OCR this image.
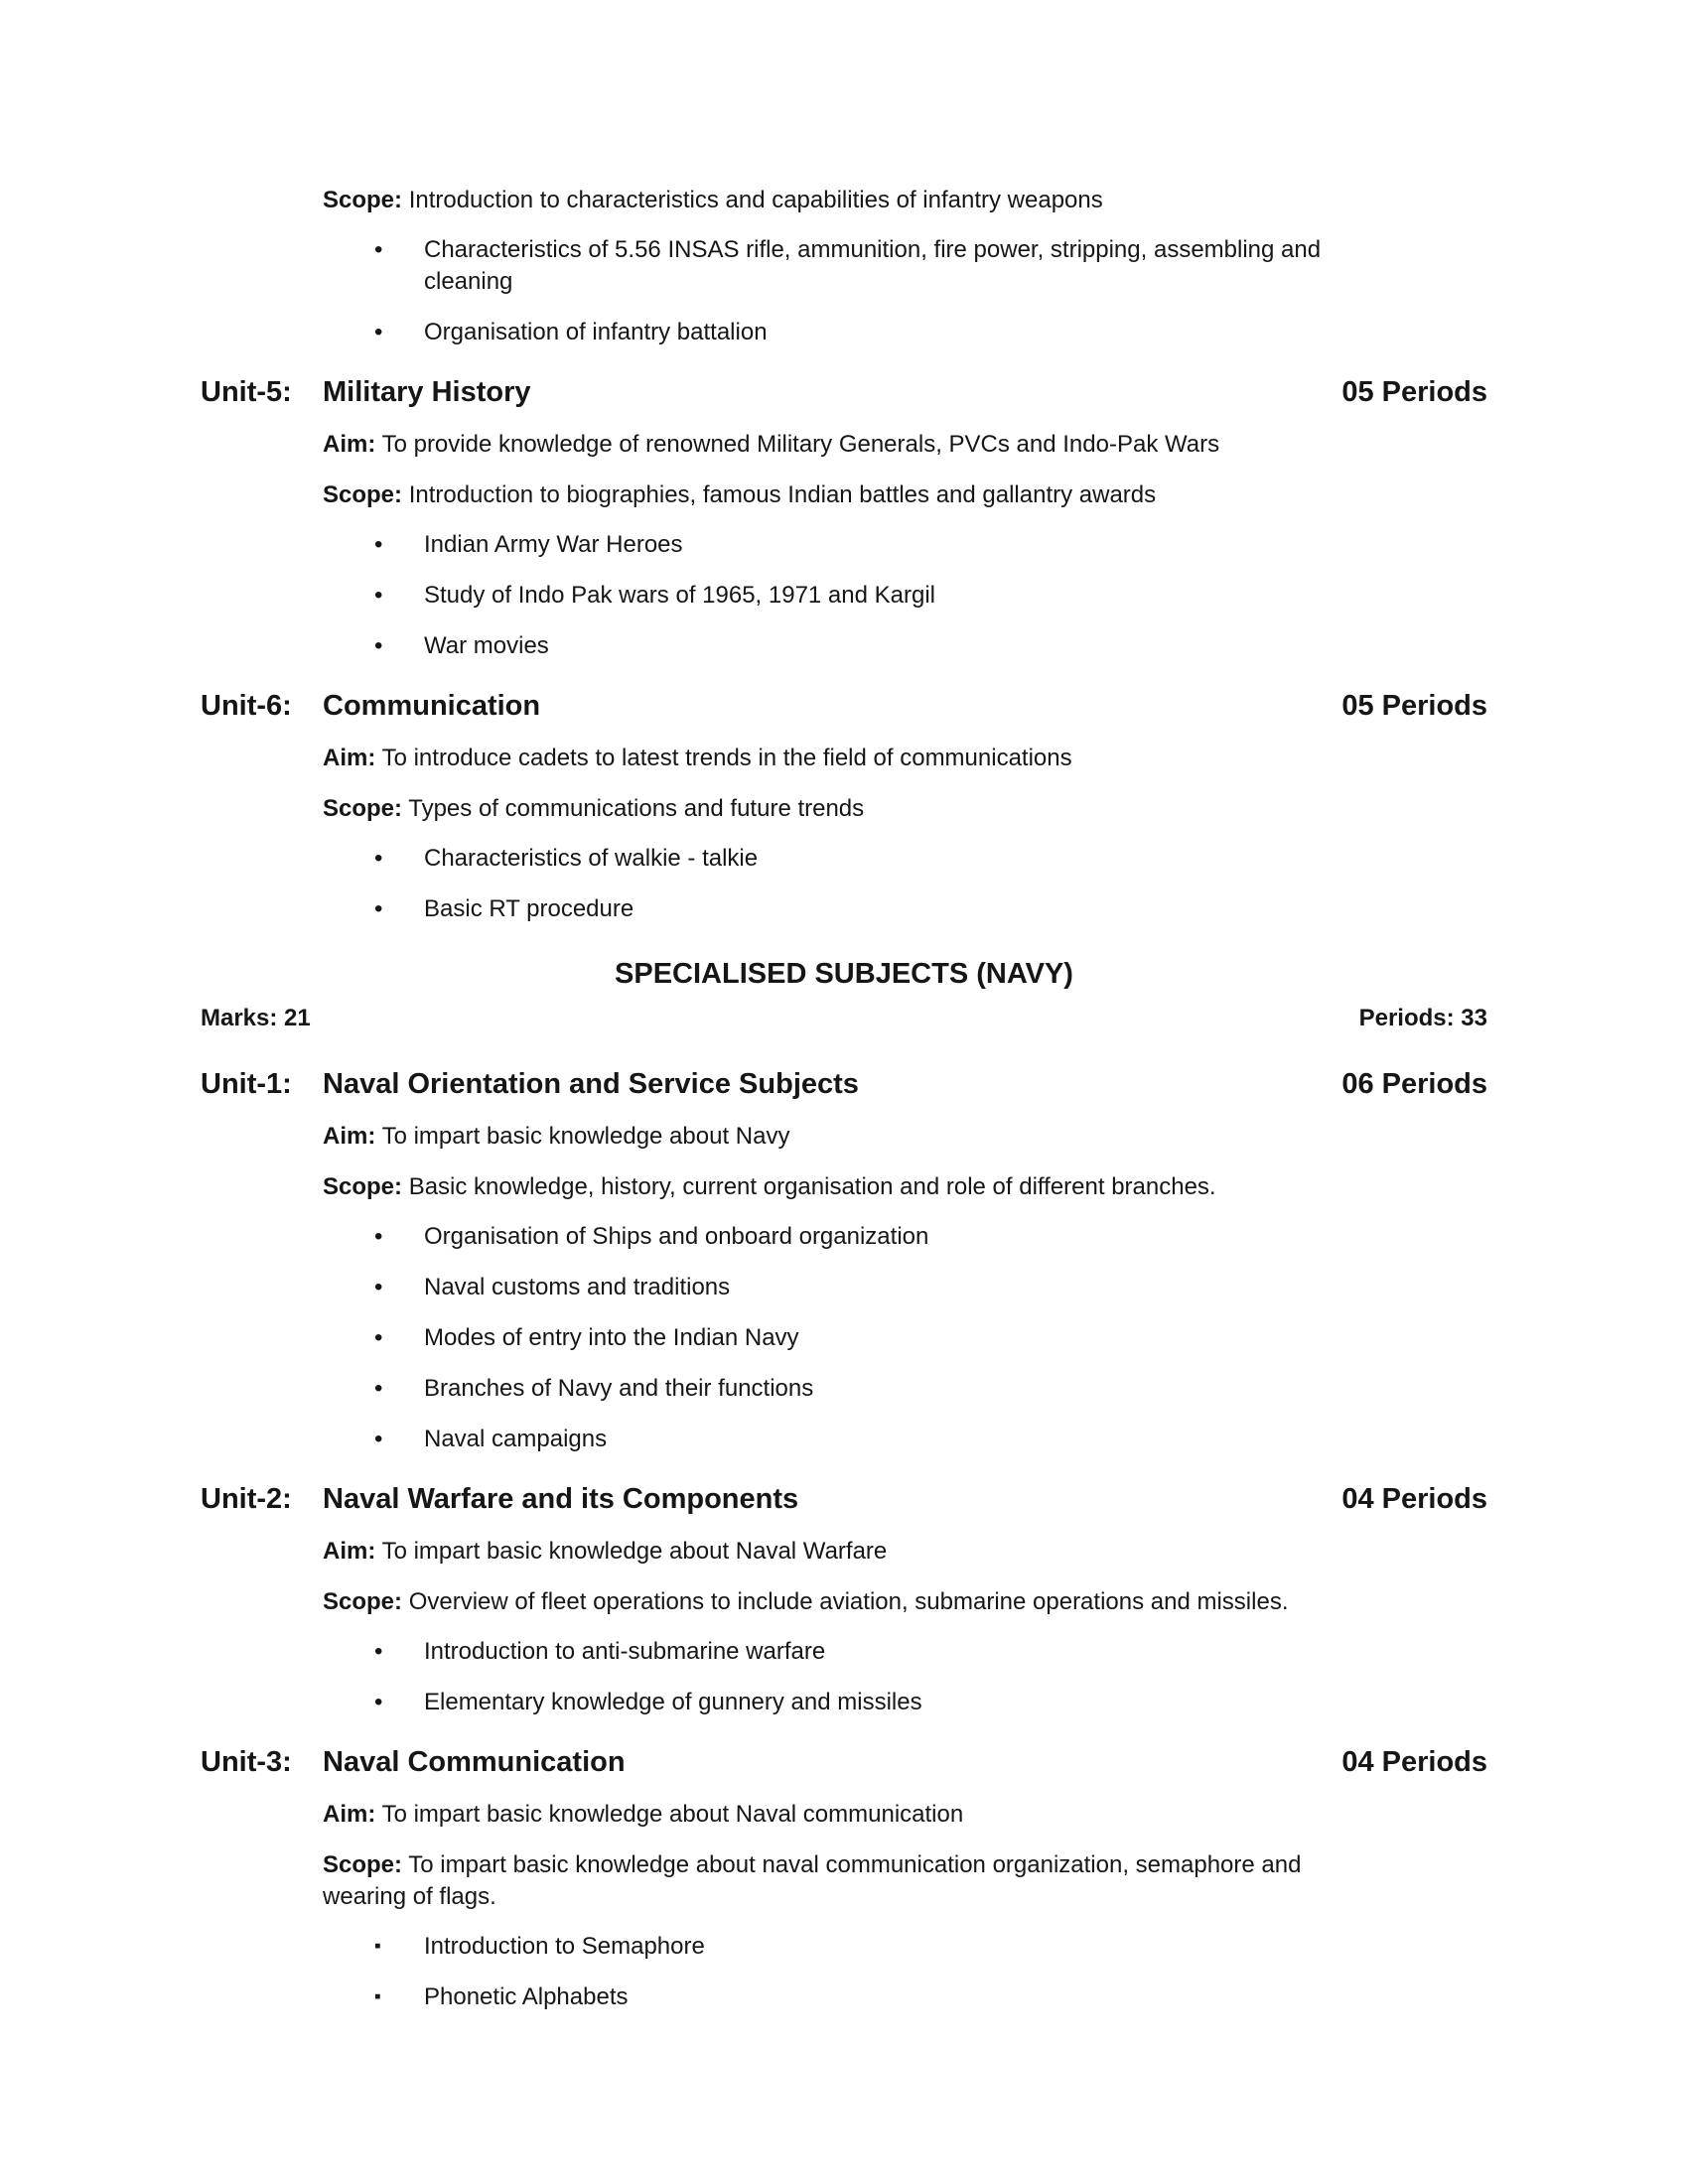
Scope: Introduction to characteristics and capabilities of infantry weapons

• Characteristics of 5.56 INSAS rifle, ammunition, fire power, stripping, assembling and
cleaning
• Organisation of infantry battalion
Unit-5:	Military History	05 Periods

Aim: To provide knowledge of renowned Military Generals, PVCs and Indo-Pak Wars

Scope: Introduction to biographies, famous Indian battles and gallantry awards

• Indian Army War Heroes
• Study of Indo Pak wars of 1965, 1971 and Kargil
• War movies
Unit-6:	Communication	05 Periods

Aim: To introduce cadets to latest trends in the field of communications

Scope: Types of communications and future trends

• Characteristics of walkie - talkie
• Basic RT procedure
SPECIALISED SUBJECTS (NAVY)
Marks: 21	Periods: 33
Unit-1:	Naval Orientation and Service Subjects	06 Periods

Aim: To impart basic knowledge about Navy

Scope: Basic knowledge, history, current organisation and role of different branches.

• Organisation of Ships and onboard organization
• Naval customs and traditions
• Modes of entry into the Indian Navy
• Branches of Navy and their functions
• Naval campaigns
Unit-2:	Naval Warfare and its Components	04 Periods

Aim: To impart basic knowledge about Naval Warfare

Scope: Overview of fleet operations to include aviation, submarine operations and missiles.

• Introduction to anti-submarine warfare
• Elementary knowledge of gunnery and missiles
Unit-3:	Naval Communication	04 Periods

Aim: To impart basic knowledge about Naval communication

Scope: To impart basic knowledge about naval communication organization, semaphore and
wearing of flags.

▪ Introduction to Semaphore
▪ Phonetic Alphabets
